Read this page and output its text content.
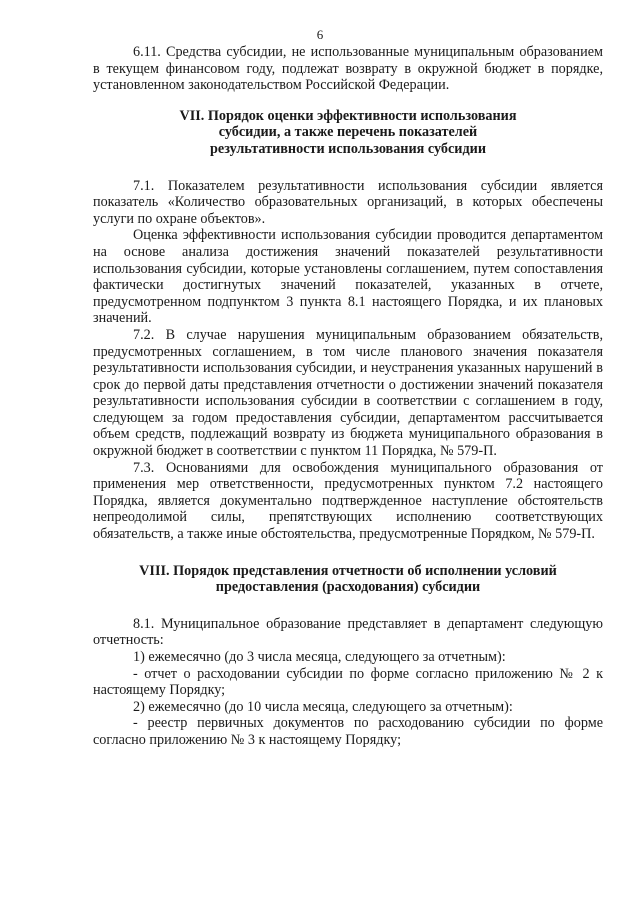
6

6.11. Средства субсидии, не использованные муниципальным образованием в текущем финансовом году, подлежат возврату в окружной бюджет в порядке, установленном законодательством Российской Федерации.

VII. Порядок оценки эффективности использования
субсидии, а также перечень показателей
результативности использования субсидии

7.1. Показателем результативности использования субсидии является показатель «Количество образовательных организаций, в которых обеспечены услуги по охране объектов».

Оценка эффективности использования субсидии проводится департаментом на основе анализа достижения значений показателей результативности использования субсидии, которые установлены соглашением, путем сопоставления фактически достигнутых значений показателей, указанных в отчете, предусмотренном подпунктом 3 пункта 8.1 настоящего Порядка, и их плановых значений.

7.2. В случае нарушения муниципальным образованием обязательств, предусмотренных соглашением, в том числе планового значения показателя результативности использования субсидии, и неустранения указанных нарушений в срок до первой даты представления отчетности о достижении значений показателя результативности использования субсидии в соответствии с соглашением в году, следующем за годом предоставления субсидии, департаментом рассчитывается объем средств, подлежащий возврату из бюджета муниципального образования в окружной бюджет в соответствии с пунктом 11 Порядка, № 579-П.

7.3. Основаниями для освобождения муниципального образования от применения мер ответственности, предусмотренных пунктом 7.2 настоящего Порядка, является документально подтвержденное наступление обстоятельств непреодолимой силы, препятствующих исполнению соответствующих обязательств, а также иные обстоятельства, предусмотренные Порядком, № 579-П.

VIII. Порядок представления отчетности об исполнении условий
предоставления (расходования) субсидии

8.1. Муниципальное образование представляет в департамент следующую отчетность:

1) ежемесячно (до 3 числа месяца, следующего за отчетным):

- отчет о расходовании субсидии по форме согласно приложению № 2 к настоящему Порядку;

2) ежемесячно (до 10 числа месяца, следующего за отчетным):

- реестр первичных документов по расходованию субсидии по форме согласно приложению № 3 к настоящему Порядку;
